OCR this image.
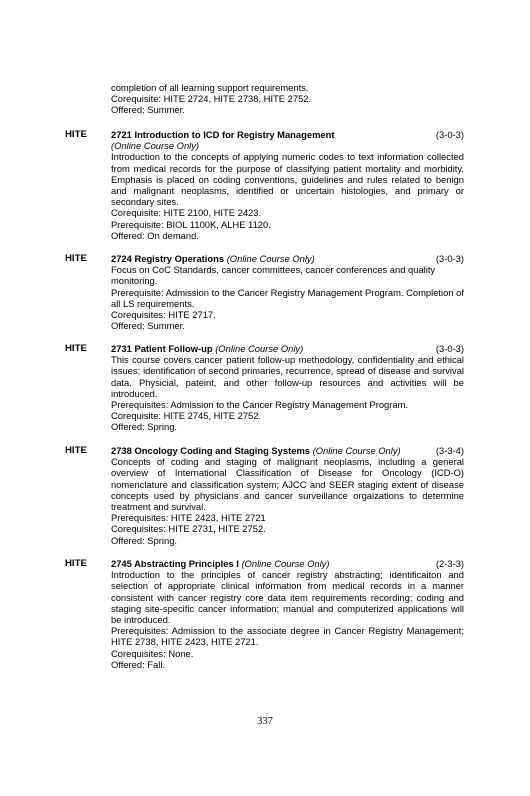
completion of all learning support requirements.
Corequisite: HITE 2724, HITE 2738, HITE 2752.
Offered: Summer.
HITE	2721 Introduction to ICD for Registry Management	(3-0-3)
(Online Course Only)
Introduction to the concepts of applying numeric codes to text information collected from medical records for the purpose of classifying patient mortality and morbidity. Emphasis is placed on coding conventions, guidelines and rules related to benign and malignant neoplasms, identified or uncertain histologies, and primary or secondary sites.
Corequisite: HITE 2100, HITE 2423.
Prerequisite: BIOL 1100K, ALHE 1120.
Offered: On demand.
HITE	2724 Registry Operations (Online Course Only)	(3-0-3)
Focus on CoC Standards, cancer committees, cancer conferences and quality monitoring.
Prerequisite: Admission to the Cancer Registry Management Program. Completion of all LS requirements.
Corequisites: HITE 2717.
Offered: Summer.
HITE	2731 Patient Follow-up (Online Course Only)	(3-0-3)
This course covers cancer patient follow-up methodology, confidentiality and ethical issues; identification of second primaries, recurrence, spread of disease and survival data. Physicial, pateint, and other follow-up resources and activities will be introduced.
Prerequisites: Admission to the Cancer Registry Management Program.
Corequisite: HITE 2745, HITE 2752.
Offered: Spring.
HITE	2738 Oncology Coding and Staging Systems (Online Course Only)	(3-3-4)
Concepts of coding and staging of malignant neoplasms, including a general overview of International Classification of Disease for Oncology (ICD-O) nomenclature and classification system; AJCC and SEER staging extent of disease concepts used by physicians and cancer surveillance orgaizations to determine treatment and survival.
Prerequisites: HITE 2423, HITE 2721
Corequisites: HITE 2731, HITE 2752.
Offered: Spring.
HITE	2745 Abstracting Principles I (Online Course Only)	(2-3-3)
Introduction to the principles of cancer registry abstracting; identificaiton and selection of appropriate clinical information from medical records in a manner consistent with cancer registry core data item requirements recording; coding and staging site-specific cancer information; manual and computerized applications will be introduced.
Prerequisites: Admission to the associate degree in Cancer Registry Management; HITE 2738, HITE 2423, HITE 2721.
Corequisites: None.
Offered: Fall.
337
